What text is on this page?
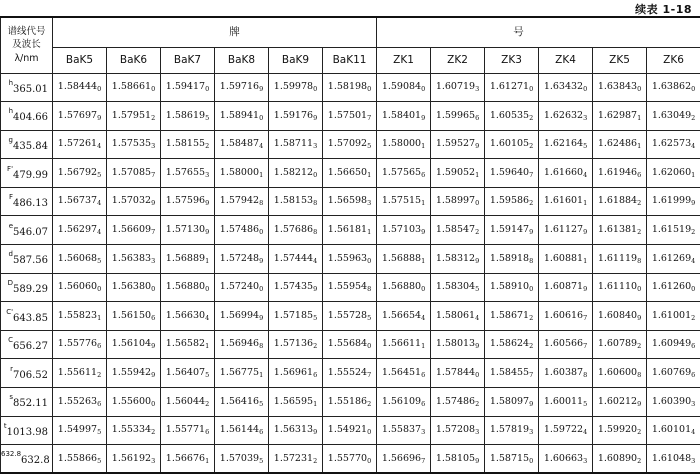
续表 1-18
谱线代号
及波长
λ/nm	牌						号					
	BaK5	BaK6	BaK7	BaK8	BaK9	BaK11	ZK1	ZK2	ZK3	ZK4	ZK5	ZK6
$^h$365.01	$1.58444_0$	$1.58661_0$	$1.59417_0$	$1.59716_9$	$1.59978_0$	$1.58198_0$	$1.59084_0$	$1.60719_3$	$1.61271_0$	$1.63432_0$	$1.63843_0$	$1.63862_0$
$^h$404.66	$1.57697_9$	$1.57951_2$	$1.58619_5$	$1.58941_0$	$1.59176_9$	$1.57501_7$	$1.58401_9$	$1.59965_6$	$1.60535_2$	$1.62632_3$	$1.62987_1$	$1.63049_2$
$^g$435.84	$1.57261_4$	$1.57535_3$	$1.58155_2$	$1.58487_4$	$1.58711_3$	$1.57092_5$	$1.58000_1$	$1.59527_9$	$1.60105_2$	$1.62164_5$	$1.62486_1$	$1.62573_4$
$^{F'}$479.99	$1.56792_5$	$1.57085_7$	$1.57655_3$	$1.58000_1$	$1.58212_0$	$1.56650_1$	$1.57565_6$	$1.59052_1$	$1.59640_7$	$1.61660_4$	$1.61946_6$	$1.62060_1$
$^F$486.13	$1.56737_4$	$1.57032_9$	$1.57596_9$	$1.57942_8$	$1.58153_8$	$1.56598_3$	$1.57515_1$	$1.58997_0$	$1.59586_2$	$1.61601_1$	$1.61884_2$	$1.61999_9$
$^e$546.07	$1.56297_4$	$1.56609_7$	$1.57130_9$	$1.57486_0$	$1.57686_8$	$1.56181_1$	$1.57103_9$	$1.58547_2$	$1.59147_9$	$1.61127_9$	$1.61381_2$	$1.61519_2$
$^d$587.56	$1.56068_5$	$1.56383_3$	$1.56889_1$	$1.57248_9$	$1.57444_4$	$1.55963_0$	$1.56888_1$	$1.58312_9$	$1.58918_8$	$1.60881_1$	$1.61119_8$	$1.61269_4$
$^D$589.29	$1.56060_0$	$1.56380_0$	$1.56880_0$	$1.57240_0$	$1.57435_9$	$1.55954_8$	$1.56880_0$	$1.58304_5$	$1.58910_0$	$1.60871_9$	$1.61110_0$	$1.61260_0$
$^{C'}$643.85	$1.55823_1$	$1.56150_6$	$1.56630_4$	$1.56994_9$	$1.57185_5$	$1.55728_5$	$1.56654_4$	$1.58061_4$	$1.58671_2$	$1.60616_7$	$1.60840_9$	$1.61001_2$
$^C$656.27	$1.55776_6$	$1.56104_9$	$1.56582_1$	$1.56946_8$	$1.57136_2$	$1.55684_0$	$1.56611_1$	$1.58013_9$	$1.58624_2$	$1.60566_7$	$1.60789_2$	$1.60949_6$
$^r$706.52	$1.55611_2$	$1.55942_9$	$1.56407_5$	$1.56775_1$	$1.56961_6$	$1.55524_7$	$1.56451_6$	$1.57844_0$	$1.58455_7$	$1.60387_8$	$1.60600_8$	$1.60769_6$
$^s$852.11	$1.55263_6$	$1.55600_0$	$1.56044_2$	$1.56416_5$	$1.56595_1$	$1.55186_2$	$1.56109_6$	$1.57486_2$	$1.58097_9$	$1.60011_5$	$1.60212_9$	$1.60390_3$
$^t$1013.98	$1.54997_5$	$1.55334_2$	$1.55771_6$	$1.56144_6$	$1.56313_9$	$1.54921_0$	$1.55837_3$	$1.57208_3$	$1.57819_3$	$1.59722_4$	$1.59920_2$	$1.60101_4$
$^{632.8}$632.8	$1.55866_5$	$1.56192_3$	$1.56676_1$	$1.57039_5$	$1.57231_2$	$1.55770_0$	$1.56696_7$	$1.58105_9$	$1.58715_0$	$1.60663_3$	$1.60890_2$	$1.61048_3$
